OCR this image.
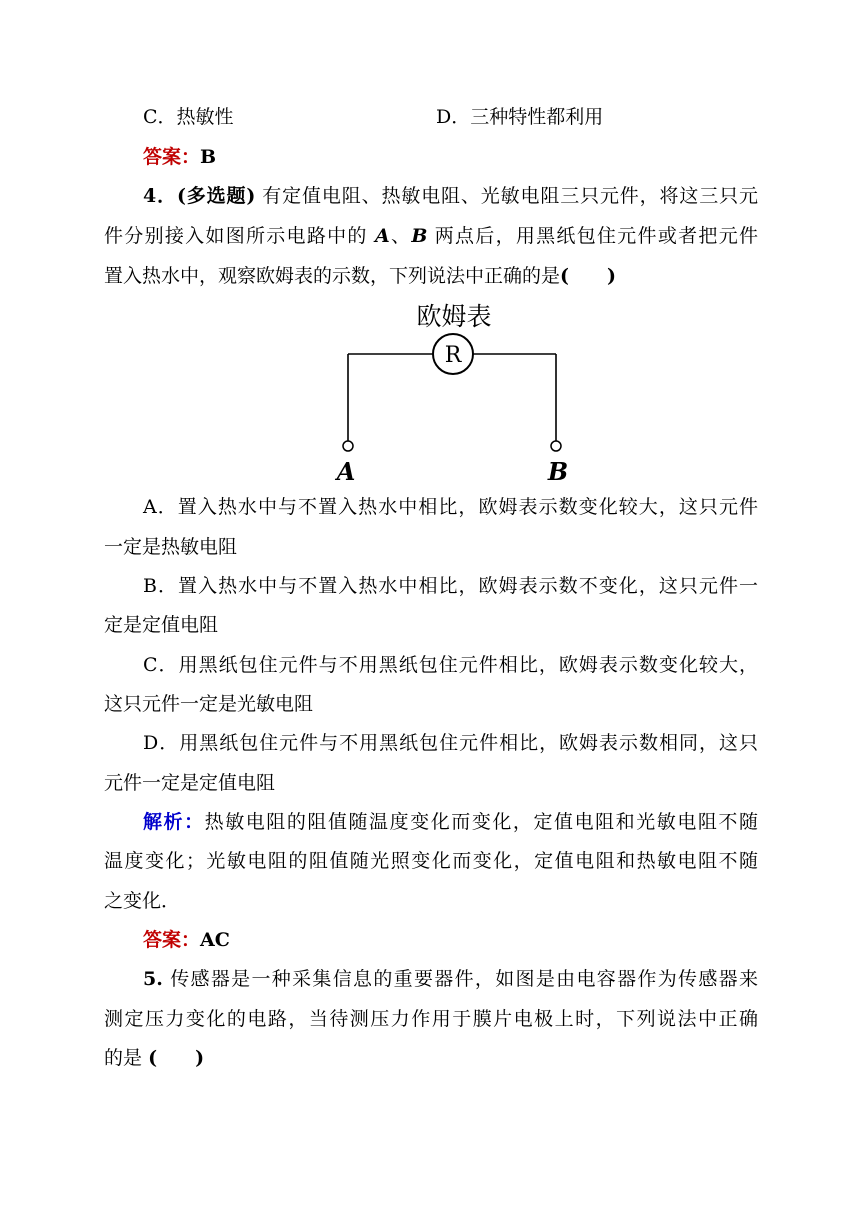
C．热敏性	D．三种特性都利用
答案：B
4．(多选题) 有定值电阻、热敏电阻、光敏电阻三只元件，将这三只元
件分别接入如图所示电路中的 A、B 两点后，用黑纸包住元件或者把元件
置入热水中，观察欧姆表的示数，下列说法中正确的是( )
欧姆表
R
A	B
A．置入热水中与不置入热水中相比，欧姆表示数变化较大，这只元件
一定是热敏电阻
B．置入热水中与不置入热水中相比，欧姆表示数不变化，这只元件一
定是定值电阻
C．用黑纸包住元件与不用黑纸包住元件相比，欧姆表示数变化较大，
这只元件一定是光敏电阻
D．用黑纸包住元件与不用黑纸包住元件相比，欧姆表示数相同，这只
元件一定是定值电阻
解析：热敏电阻的阻值随温度变化而变化，定值电阻和光敏电阻不随
温度变化；光敏电阻的阻值随光照变化而变化，定值电阻和热敏电阻不随
之变化．
答案：AC
5. 传感器是一种采集信息的重要器件，如图是由电容器作为传感器来
测定压力变化的电路，当待测压力作用于膜片电极上时，下列说法中正确
的是 ( )
